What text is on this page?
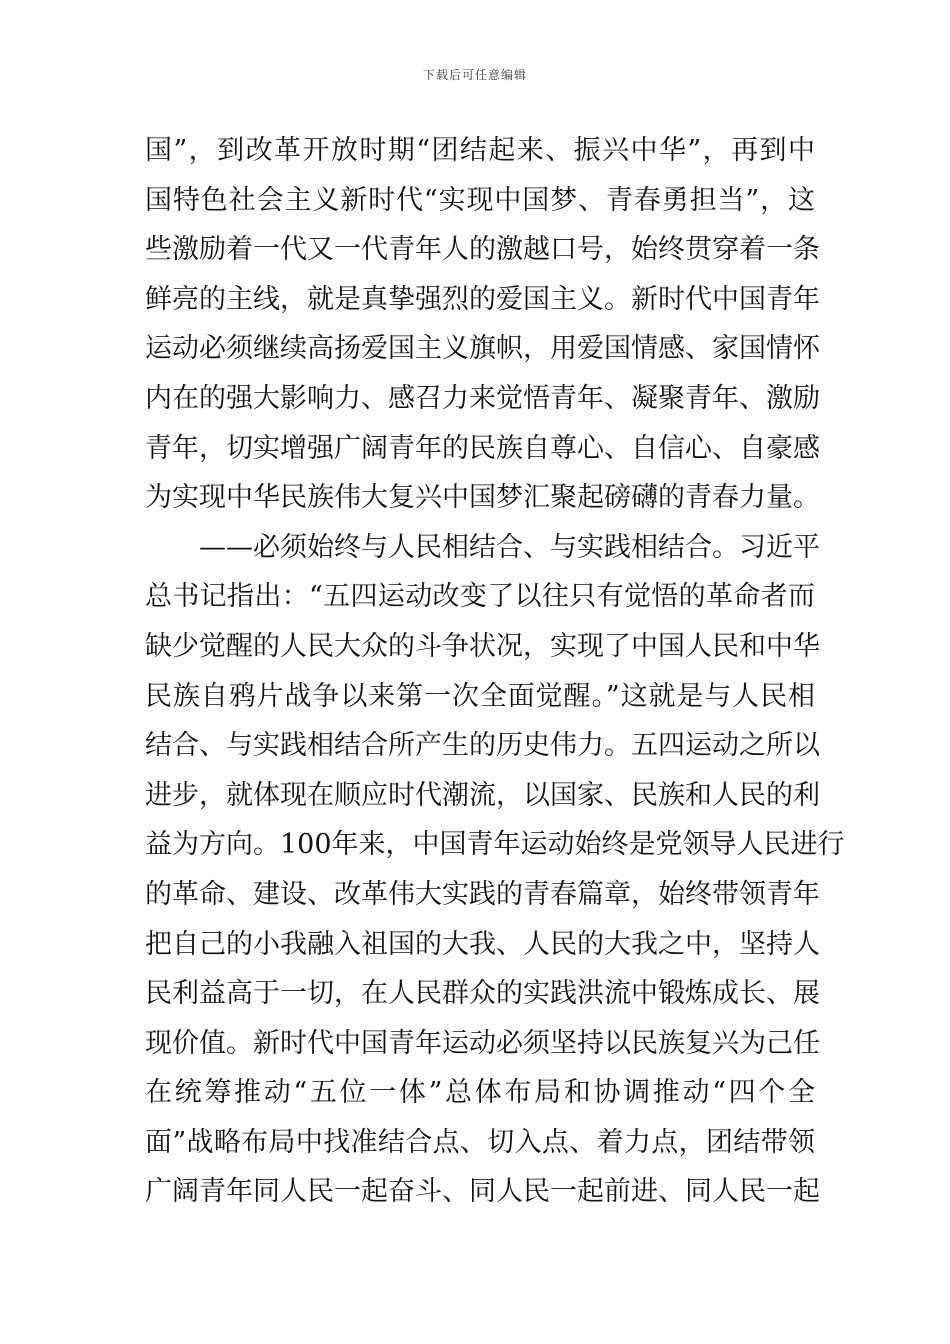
下载后可任意编辑
国”，到改革开放时期“团结起来、振兴中华”，再到中
国特色社会主义新时代“实现中国梦、青春勇担当”，这
些激励着一代又一代青年人的激越口号，始终贯穿着一条
鲜亮的主线，就是真挚强烈的爱国主义。新时代中国青年
运动必须继续高扬爱国主义旗帜，用爱国情感、家国情怀
内在的强大影响力、感召力来觉悟青年、凝聚青年、激励
青年，切实增强广阔青年的民族自尊心、自信心、自豪感
为实现中华民族伟大复兴中国梦汇聚起磅礴的青春力量。
　　——必须始终与人民相结合、与实践相结合。习近平
总书记指出：“五四运动改变了以往只有觉悟的革命者而
缺少觉醒的人民大众的斗争状况，实现了中国人民和中华
民族自鸦片战争以来第一次全面觉醒。”这就是与人民相
结合、与实践相结合所产生的历史伟力。五四运动之所以
进步，就体现在顺应时代潮流，以国家、民族和人民的利
益为方向。100年来，中国青年运动始终是党领导人民进行
的革命、建设、改革伟大实践的青春篇章，始终带领青年
把自己的小我融入祖国的大我、人民的大我之中，坚持人
民利益高于一切，在人民群众的实践洪流中锻炼成长、展
现价值。新时代中国青年运动必须坚持以民族复兴为己任
在统筹推动“五位一体”总体布局和协调推动“四个全
面”战略布局中找准结合点、切入点、着力点，团结带领
广阔青年同人民一起奋斗、同人民一起前进、同人民一起
